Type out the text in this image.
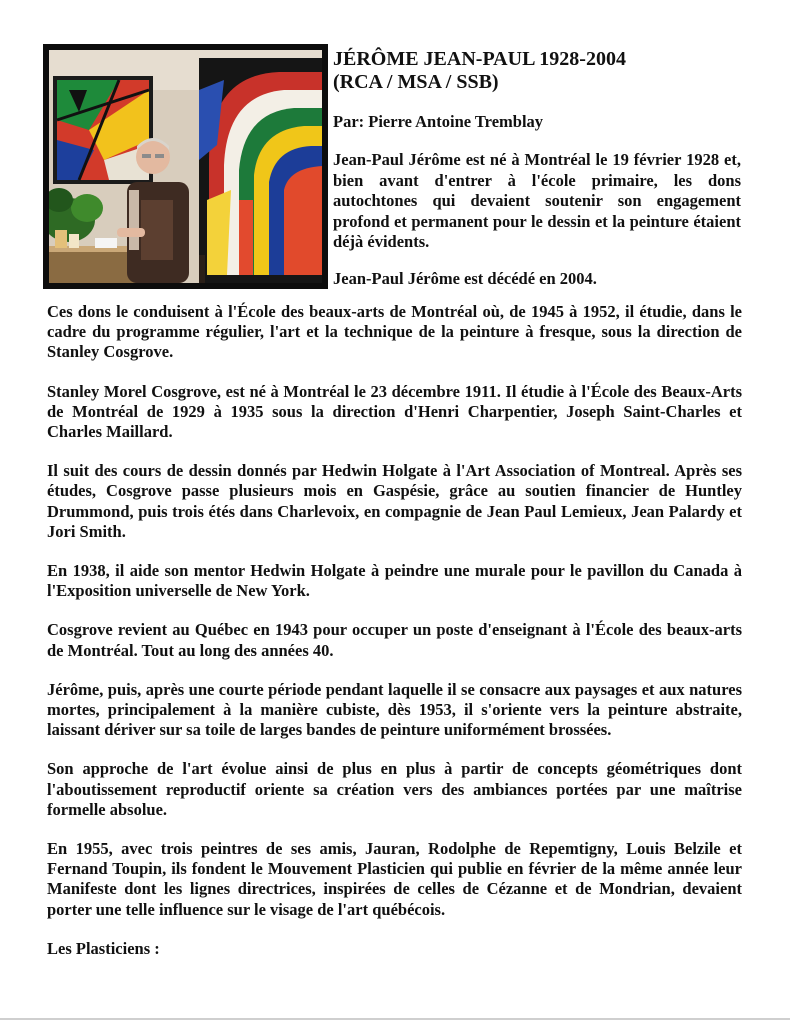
JÉRÔME JEAN-PAUL 1928-2004

(RCA / MSA / SSB)

Par: Pierre Antoine Tremblay

Jean-Paul Jérôme est né à Montréal le 19 février 1928 et, bien avant d'entrer à l'école primaire, les dons autochtones qui devaient soutenir son engagement profond et permanent pour le dessin et la peinture étaient déjà évidents.

Jean-Paul Jérôme est décédé en 2004.

Ces dons le conduisent à l'École des beaux-arts de Montréal où, de 1945 à 1952, il étudie, dans le cadre du programme régulier, l'art et la technique de la peinture à fresque, sous la direction de Stanley Cosgrove.

Stanley Morel Cosgrove, est né à Montréal le 23 décembre 1911. Il étudie à l'École des Beaux-Arts de Montréal de 1929 à 1935 sous la direction d'Henri Charpentier, Joseph Saint-Charles et Charles Maillard.

Il suit des cours de dessin donnés par Hedwin Holgate à l'Art Association of Montreal. Après ses études, Cosgrove passe plusieurs mois en Gaspésie, grâce au soutien financier de Huntley Drummond, puis trois étés dans Charlevoix, en compagnie de Jean Paul Lemieux, Jean Palardy et Jori Smith.

En 1938, il aide son mentor Hedwin Holgate à peindre une murale pour le pavillon du Canada à l'Exposition universelle de New York.

Cosgrove revient au Québec en 1943 pour occuper un poste d'enseignant à l'École des beaux-arts de Montréal. Tout au long des années 40.

Jérôme, puis, après une courte période pendant laquelle il se consacre aux paysages et aux natures mortes, principalement à la manière cubiste, dès 1953, il s'oriente vers la peinture abstraite, laissant dériver sur sa toile de larges bandes de peinture uniformément brossées.

Son approche de l'art évolue ainsi de plus en plus à partir de concepts géométriques dont l'aboutissement reproductif oriente sa création vers des ambiances portées par une maîtrise formelle absolue.

En 1955, avec trois peintres de ses amis, Jauran, Rodolphe de Repemtigny, Louis Belzile et Fernand Toupin, ils fondent le Mouvement Plasticien qui publie en février de la même année leur Manifeste dont les lignes directrices, inspirées de celles de Cézanne et de Mondrian, devaient porter une telle influence sur le visage de l'art québécois.

Les Plasticiens :
